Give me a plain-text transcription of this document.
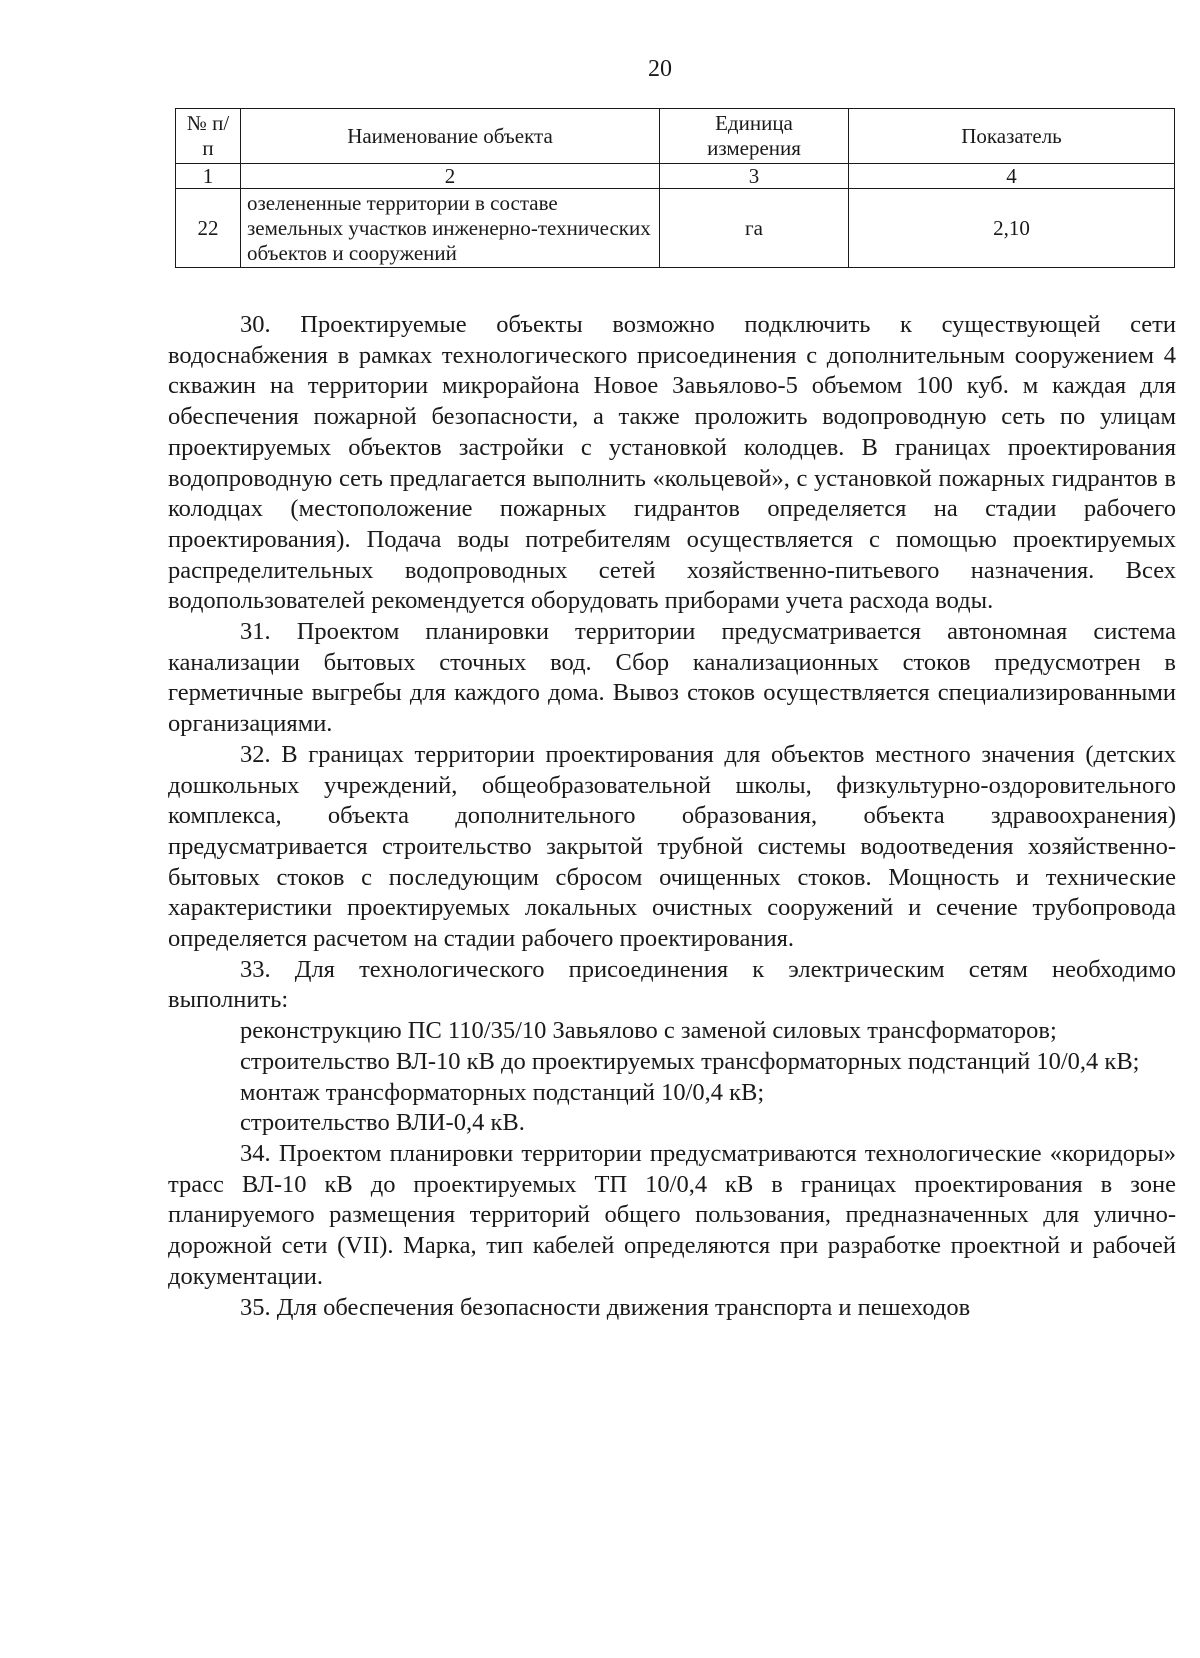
20
№ п/п	Наименование объекта	Единица измерения	Показатель
1	2	3	4
22	озелененные территории в составе земельных участков инженерно-технических объектов и сооружений	га	2,10

30. Проектируемые объекты возможно подключить к существующей сети водоснабжения в рамках технологического присоединения с дополнительным сооружением 4 скважин на территории микрорайона Новое Завьялово-5 объемом 100 куб. м каждая для обеспечения пожарной безопасности, а также проложить водопроводную сеть по улицам проектируемых объектов застройки с установкой колодцев. В границах проектирования водопроводную сеть предлагается выполнить «кольцевой», с установкой пожарных гидрантов в колодцах (местоположение пожарных гидрантов определяется на стадии рабочего проектирования). Подача воды потребителям осуществляется с помощью проектируемых распределительных водопроводных сетей хозяйственно-питьевого назначения. Всех водопользователей рекомендуется оборудовать приборами учета расхода воды.

31. Проектом планировки территории предусматривается автономная система канализации бытовых сточных вод. Сбор канализационных стоков предусмотрен в герметичные выгребы для каждого дома. Вывоз стоков осуществляется специализированными организациями.

32. В границах территории проектирования для объектов местного значения (детских дошкольных учреждений, общеобразовательной школы, физкультурно-оздоровительного комплекса, объекта дополнительного образования, объекта здравоохранения) предусматривается строительство закрытой трубной системы водоотведения хозяйственно-бытовых стоков с последующим сбросом очищенных стоков. Мощность и технические характеристики проектируемых локальных очистных сооружений и сечение трубопровода определяется расчетом на стадии рабочего проектирования.

33. Для технологического присоединения к электрическим сетям необходимо выполнить:

реконструкцию ПС 110/35/10 Завьялово с заменой силовых трансформаторов;

строительство ВЛ-10 кВ до проектируемых трансформаторных подстанций 10/0,4 кВ;

монтаж трансформаторных подстанций 10/0,4 кВ;

строительство ВЛИ-0,4 кВ.

34. Проектом планировки территории предусматриваются технологические «коридоры» трасс ВЛ-10 кВ до проектируемых ТП 10/0,4 кВ в границах проектирования в зоне планируемого размещения территорий общего пользования, предназначенных для улично-дорожной сети (VII). Марка, тип кабелей определяются при разработке проектной и рабочей документации.

35. Для обеспечения безопасности движения транспорта и пешеходов
